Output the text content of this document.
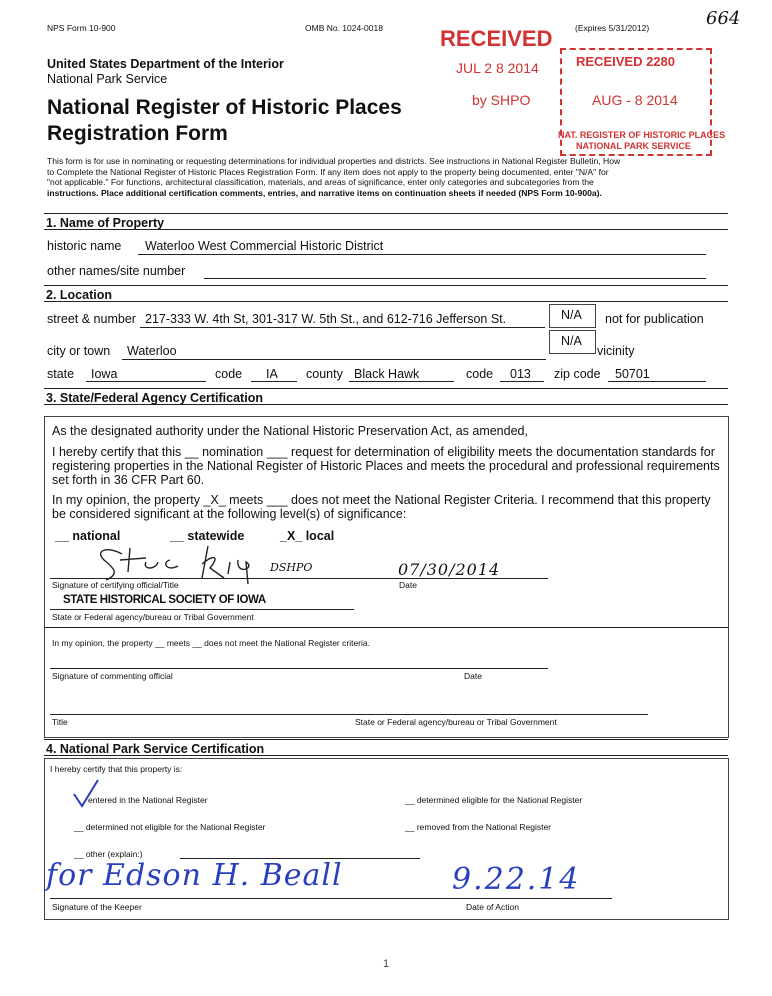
NPS Form 10-900	OMB No. 1024-0018	(Expires 5/31/2012)	664
United States Department of the Interior
National Park Service
National Register of Historic Places
Registration Form
This form is for use in nominating or requesting determinations for individual properties and districts. See instructions in National Register Bulletin, How
to Complete the National Register of Historic Places Registration Form. If any item does not apply to the property being documented, enter "N/A" for
"not applicable." For functions, architectural classification, materials, and areas of significance, enter only categories and subcategories from the
instructions. Place additional certification comments, entries, and narrative items on continuation sheets if needed (NPS Form 10-900a).
RECEIVED
JUL 2 8 2014
by SHPO
RECEIVED 2280
AUG - 8 2014
NAT. REGISTER OF HISTORIC PLACES
NATIONAL PARK SERVICE
1. Name of Property
historic name Waterloo West Commercial Historic District
other names/site number
2. Location
street & number 217-333 W. 4th St, 301-317 W. 5th St., and 612-716 Jefferson St.	N/A not for publication
city or town Waterloo
N/A
vicinity
state Iowa	code IA county Black Hawk	code 013 zip code 50701
3. State/Federal Agency Certification
As the designated authority under the National Historic Preservation Act, as amended,
I hereby certify that this __ nomination ___ request for determination of eligibility meets the documentation standards for
registering properties in the National Register of Historic Places and meets the procedural and professional requirements
set forth in 36 CFR Part 60.
In my opinion, the property _X_ meets ___ does not meet the National Register Criteria. I recommend that this property
be considered significant at the following level(s) of significance:
__ national	__ statewide	_X_ local
DSHPO	07/30/2014
Signature of certifying official/Title	Date
STATE HISTORICAL SOCIETY OF IOWA
State or Federal agency/bureau or Tribal Government
In my opinion, the property __ meets __ does not meet the National Register criteria.
Signature of commenting official	Date
Title	State or Federal agency/bureau or Tribal Government
4. National Park Service Certification
I hereby certify that this property is:
entered in the National Register	__ determined eligible for the National Register
__ determined not eligible for the National Register	__ removed from the National Register
__ other (explain:)
for Edson H. Beall	9.22.14
Signature of the Keeper	Date of Action
1
